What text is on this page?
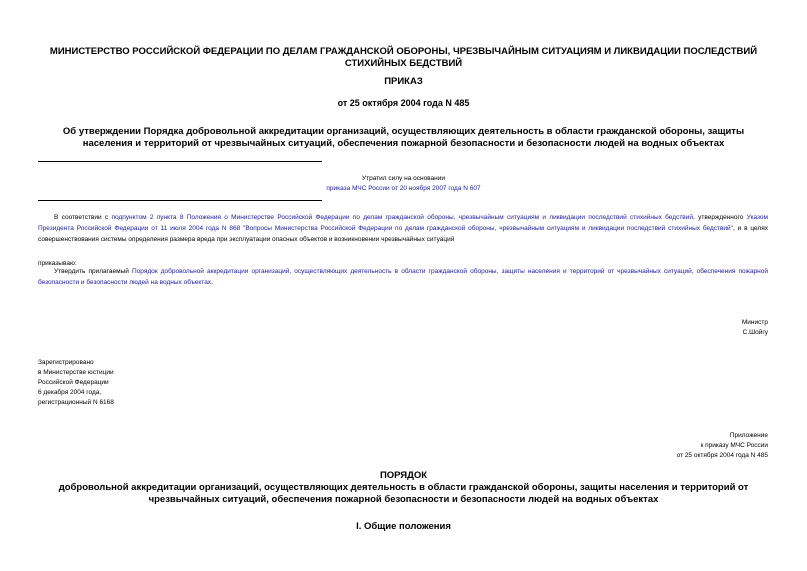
МИНИСТЕРСТВО РОССИЙСКОЙ ФЕДЕРАЦИИ ПО ДЕЛАМ ГРАЖДАНСКОЙ ОБОРОНЫ, ЧРЕЗВЫЧАЙНЫМ СИТУАЦИЯМ И ЛИКВИДАЦИИ ПОСЛЕДСТВИЙ СТИХИЙНЫХ БЕДСТВИЙ
ПРИКАЗ
от 25 октября 2004 года N 485
Об утверждении Порядка добровольной аккредитации организаций, осуществляющих деятельность в области гражданской обороны, защиты населения и территорий от чрезвычайных ситуаций, обеспечения пожарной безопасности и безопасности людей на водных объектах
Утратил силу на основании
приказа МЧС России от 20 ноября 2007 года N 607
В соответствии с подпунктом 2 пункта 8 Положения о Министерстве Российской Федерации по делам гражданской обороны, чрезвычайным ситуациям и ликвидации последствий стихийных бедствий, утвержденного Указом Президента Российской Федерации от 11 июля 2004 года N 868 "Вопросы Министерства Российской Федерации по делам гражданской обороны, чрезвычайным ситуациям и ликвидации последствий стихийных бедствий", и в целях совершенствования системы определения размера вреда при эксплуатации опасных объектов и возникновении чрезвычайных ситуаций
приказываю:
Утвердить прилагаемый Порядок добровольной аккредитации организаций, осуществляющих деятельность в области гражданской обороны, защиты населения и территорий от чрезвычайных ситуаций, обеспечения пожарной безопасности и безопасности людей на водных объектах.
Министр
С.Шойгу
Зарегистрировано
в Министерстве юстиции
Российской Федерации
6 декабря 2004 года,
регистрационный N 6168
Приложение
к приказу МЧС России
от 25 октября 2004 года N 485
ПОРЯДОК
добровольной аккредитации организаций, осуществляющих деятельность в области гражданской обороны, защиты населения и территорий от чрезвычайных ситуаций, обеспечения пожарной безопасности и безопасности людей на водных объектах
I. Общие положения
